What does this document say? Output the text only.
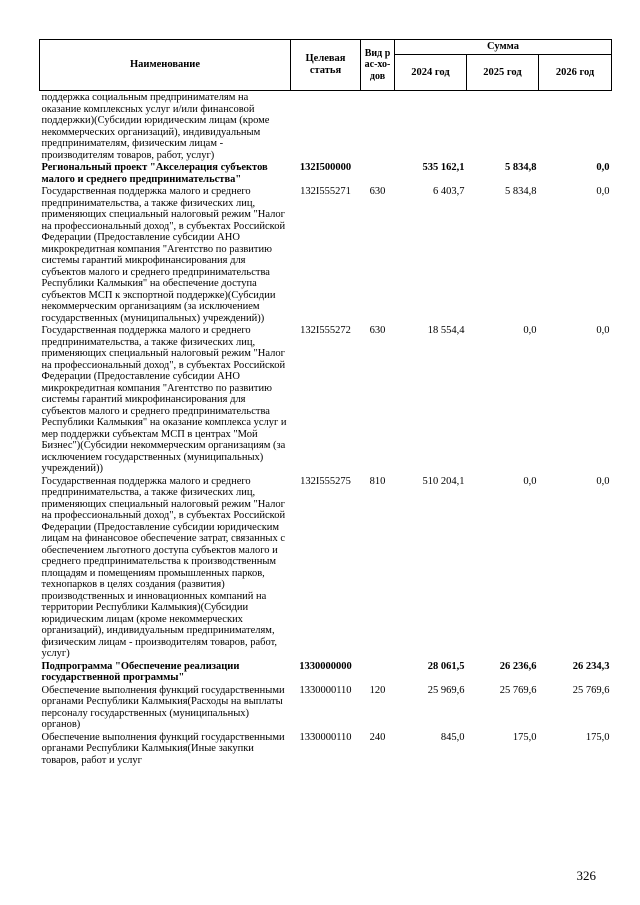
Наименование	Целевая статья	Вид рас-хо-дов	Сумма		
			2024 год	2025 год	2026 год
поддержка социальным предпринимателям на оказание комплексных услуг и/или финансовой поддержки)(Субсидии юридическим лицам (кроме некоммерческих организаций), индивидуальным предпринимателям, физическим лицам - производителям товаров, работ, услуг)					
Региональный проект "Акселерация субъектов малого и среднего предпринимательства"	132I500000		535 162,1	5 834,8	0,0
Государственная поддержка малого и среднего предпринимательства, а также физических лиц, применяющих специальный налоговый режим "Налог на профессиональный доход", в субъектах Российской Федерации (Предоставление субсидии АНО микрокредитная компания "Агентство по развитию системы гарантий микрофинансирования для субъектов малого и среднего предпринимательства Республики Калмыкия" на обеспечение доступа субъектов МСП к экспортной поддержке)(Субсидии некоммерческим организациям (за исключением государственных (муниципальных) учреждений))	132I555271	630	6 403,7	5 834,8	0,0
Государственная поддержка малого и среднего предпринимательства, а также физических лиц, применяющих специальный налоговый режим "Налог на профессиональный доход", в субъектах Российской Федерации (Предоставление субсидии АНО микрокредитная компания "Агентство по развитию системы гарантий микрофинансирования для субъектов малого и среднего предпринимательства Республики Калмыкия" на оказание комплекса услуг и мер поддержки субъектам МСП в центрах "Мой Бизнес")(Субсидии некоммерческим организациям (за исключением государственных (муниципальных) учреждений))	132I555272	630	18 554,4	0,0	0,0
Государственная поддержка малого и среднего предпринимательства, а также физических лиц, применяющих специальный налоговый режим "Налог на профессиональный доход", в субъектах Российской Федерации (Предоставление субсидии юридическим лицам на финансовое обеспечение затрат, связанных с обеспечением льготного доступа субъектов малого и среднего предпринимательства к производственным площадям и помещениям промышленных парков, технопарков в целях создания (развития) производственных и инновационных компаний на территории Республики Калмыкия)(Субсидии юридическим лицам (кроме некоммерческих организаций), индивидуальным предпринимателям, физическим лицам - производителям товаров, работ, услуг)	132I555275	810	510 204,1	0,0	0,0
Подпрограмма "Обеспечение реализации государственной программы"	1330000000		28 061,5	26 236,6	26 234,3
Обеспечение выполнения функций государственными органами Республики Калмыкия(Расходы на выплаты персоналу государственных (муниципальных) органов)	1330000110	120	25 969,6	25 769,6	25 769,6
Обеспечение выполнения функций государственными органами Республики Калмыкия(Иные закупки товаров, работ и услуг	1330000110	240	845,0	175,0	175,0
326
